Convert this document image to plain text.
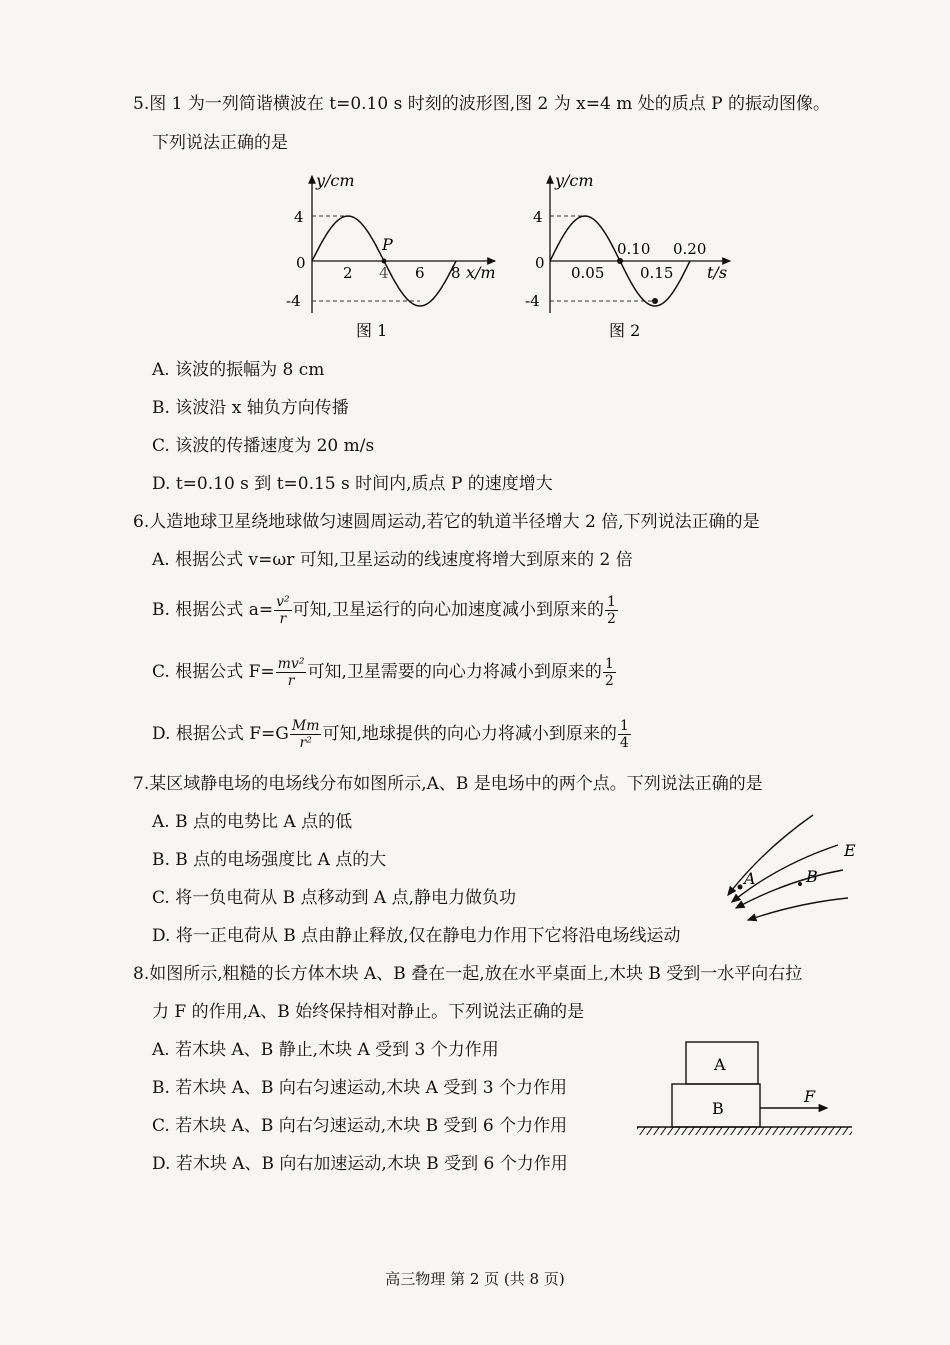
5.图 1 为一列简谐横波在 t=0.10 s 时刻的波形图,图 2 为 x=4 m 处的质点 P 的振动图像。
下列说法正确的是
P
y/cm
x/m
4
0
-4
2 4 6 8
图 1
y/cm
t/s
4
0
-4
0.05 0.15
0.10 0.20
图 2
A. 该波的振幅为 8 cm
B. 该波沿 x 轴负方向传播
C. 该波的传播速度为 20 m/s
D. t=0.10 s 到 t=0.15 s 时间内,质点 P 的速度增大
6.人造地球卫星绕地球做匀速圆周运动,若它的轨道半径增大 2 倍,下列说法正确的是
A. 根据公式 v=ωr 可知,卫星运动的线速度将增大到原来的 2 倍
B. 根据公式 $a= \frac{\text{v²}}{r}$ 可知,卫星运行的向心加速度减小到原来的 $\frac{1}{2}$
C. 根据公式 $F= \frac{\text{mv²}}{r}$ 可知,卫星需要的向心力将减小到原来的 $\frac{1}{2}$
D. 根据公式 $F=G \frac{Mm}{\text{r²}}$ 可知,地球提供的向心力将减小到原来的 $\frac{1}{4}$
7.某区域静电场的电场线分布如图所示,A、B 是电场中的两个点。下列说法正确的是
A. B 点的电势比 A 点的低
B. B 点的电场强度比 A 点的大
C. 将一负电荷从 B 点移动到 A 点,静电力做负功
D. 将一正电荷从 B 点由静止释放,仅在静电力作用下它将沿电场线运动
E
A	B
8.如图所示,粗糙的长方体木块 A、B 叠在一起,放在水平桌面上,木块 B 受到一水平向右拉
力 F 的作用,A、B 始终保持相对静止。下列说法正确的是
A. 若木块 A、B 静止,木块 A 受到 3 个力作用
B. 若木块 A、B 向右匀速运动,木块 A 受到 3 个力作用
C. 若木块 A、B 向右匀速运动,木块 B 受到 6 个力作用
D. 若木块 A、B 向右加速运动,木块 B 受到 6 个力作用
A
B
F
高三物理 第 2 页 (共 8 页)
